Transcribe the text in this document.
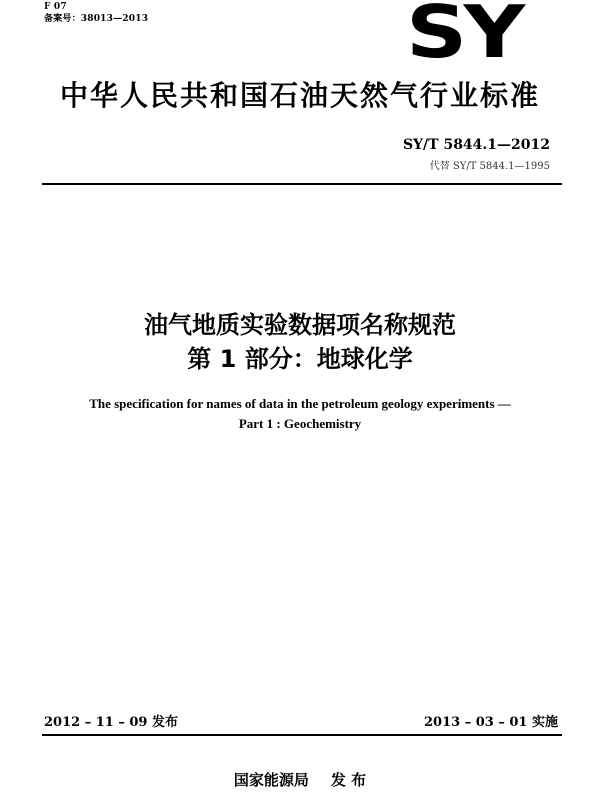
F 07
备案号：38013—2013	SY
中华人民共和国石油天然气行业标准
SY/T 5844.1—2012
代替 SY/T 5844.1—1995
油气地质实验数据项名称规范
第 1 部分：地球化学
The specification for names of data in the petroleum geology experiments —
Part 1 : Geochemistry
2012 – 11 – 09 发布	2013 – 03 – 01 实施
国家能源局 发 布
